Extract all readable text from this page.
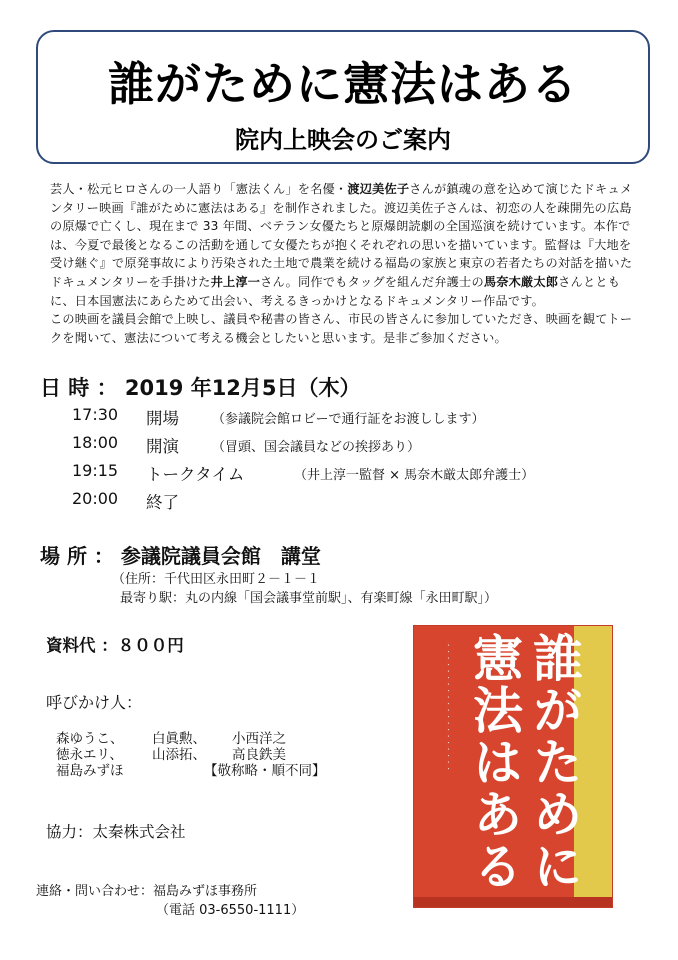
誰がために憲法はある
院内上映会のご案内
芸人・松元ヒロさんの一人語り「憲法くん」を名優・渡辺美佐子さんが鎮魂の意を込めて演じたドキュメンタリー映画『誰がために憲法はある』を制作されました。渡辺美佐子さんは、初恋の人を疎開先の広島の原爆で亡くし、現在まで 33 年間、ベテラン女優たちと原爆朗読劇の全国巡演を続けています。本作では、今夏で最後となるこの活動を通して女優たちが抱くそれぞれの思いを描いています。監督は『大地を受け継ぐ』で原発事故により汚染された土地で農業を続ける福島の家族と東京の若者たちの対話を描いたドキュメンタリーを手掛けた井上淳一さん。同作でもタッグを組んだ弁護士の馬奈木厳太郎さんとともに、日本国憲法にあらためて出会い、考えるきっかけとなるドキュメンタリー作品です。
この映画を議員会館で上映し、議員や秘書の皆さん、市民の皆さんに参加していただき、映画を観てトークを聞いて、憲法について考える機会としたいと思います。是非ご参加ください。
日 時 ： 2019 年12月5日（木）
17:30 開場	（参議院会館ロビーで通行証をお渡しします）
18:00 開演	（冒頭、国会議員などの挨拶あり）
19:15 トークタイム	（井上淳一監督 × 馬奈木厳太郎弁護士）
20:00 終了
場 所 ： 参議院議員会館　講堂
（住所：千代田区永田町２－１－１
最寄り駅：丸の内線「国会議事堂前駅」、有楽町線「永田町駅」）
資料代 ：８００円
呼びかけ人：
森ゆうこ、 白眞勲、 小西洋之
徳永エリ、 山添拓、 高良鉄美
福島みずほ	【敬称略・順不同】
協力：太秦株式会社
連絡・問い合わせ：福島みずほ事務所
（電話 03-6550-1111）
・・・・・・・・・・・・・・・・・・・・	誰がために憲法はある
